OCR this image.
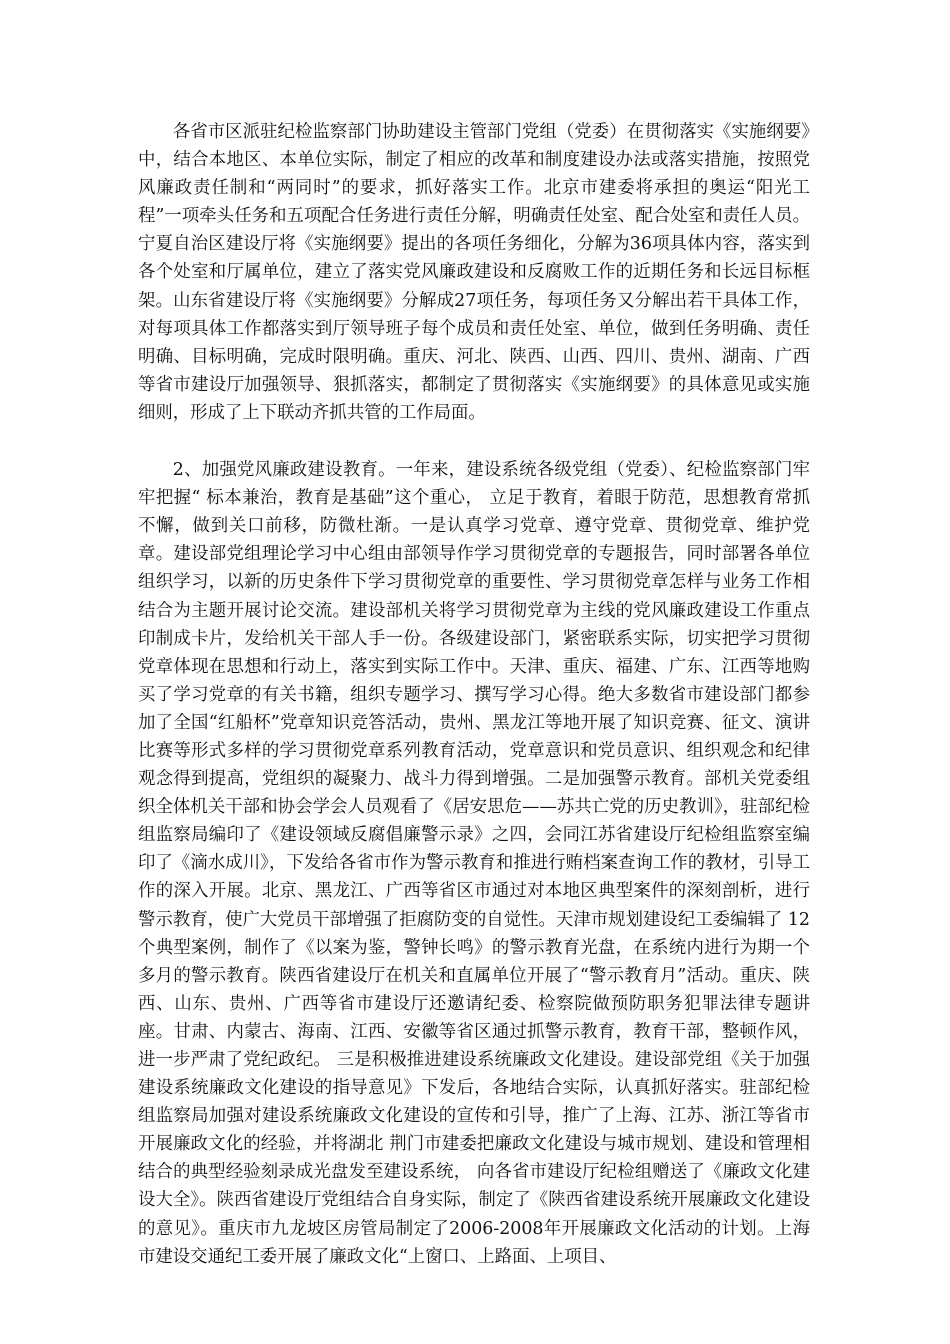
各省市区派驻纪检监察部门协助建设主管部门党组（党委）在贯彻落实《实施纲要》中，结合本地区、本单位实际，制定了相应的改革和制度建设办法或落实措施，按照党风廉政责任制和“两同时”的要求，抓好落实工作。北京市建委将承担的奥运“阳光工程”一项牵头任务和五项配合任务进行责任分解，明确责任处室、配合处室和责任人员。宁夏自治区建设厅将《实施纲要》提出的各项任务细化，分解为36项具体内容，落实到各个处室和厅属单位，建立了落实党风廉政建设和反腐败工作的近期任务和长远目标框架。山东省建设厅将《实施纲要》分解成27项任务，每项任务又分解出若干具体工作，对每项具体工作都落实到厅领导班子每个成员和责任处室、单位，做到任务明确、责任明确、目标明确，完成时限明确。重庆、河北、陕西、山西、四川、贵州、湖南、广西等省市建设厅加强领导、狠抓落实，都制定了贯彻落实《实施纲要》的具体意见或实施细则，形成了上下联动齐抓共管的工作局面。

2、加强党风廉政建设教育。一年来，建设系统各级党组（党委）、纪检监察部门牢牢把握“ 标本兼治，教育是基础”这个重心， 立足于教育，着眼于防范，思想教育常抓不懈，做到关口前移，防微杜渐。一是认真学习党章、遵守党章、贯彻党章、维护党章。建设部党组理论学习中心组由部领导作学习贯彻党章的专题报告，同时部署各单位组织学习，以新的历史条件下学习贯彻党章的重要性、学习贯彻党章怎样与业务工作相结合为主题开展讨论交流。建设部机关将学习贯彻党章为主线的党风廉政建设工作重点印制成卡片，发给机关干部人手一份。各级建设部门，紧密联系实际，切实把学习贯彻党章体现在思想和行动上，落实到实际工作中。天津、重庆、福建、广东、江西等地购买了学习党章的有关书籍，组织专题学习、撰写学习心得。绝大多数省市建设部门都参加了全国“红船杯”党章知识竞答活动，贵州、黑龙江等地开展了知识竞赛、征文、演讲比赛等形式多样的学习贯彻党章系列教育活动，党章意识和党员意识、组织观念和纪律观念得到提高，党组织的凝聚力、战斗力得到增强。二是加强警示教育。部机关党委组织全体机关干部和协会学会人员观看了《居安思危——苏共亡党的历史教训》，驻部纪检组监察局编印了《建设领域反腐倡廉警示录》之四，会同江苏省建设厅纪检组监察室编印了《滴水成川》，下发给各省市作为警示教育和推进行贿档案查询工作的教材，引导工作的深入开展。北京、黑龙江、广西等省区市通过对本地区典型案件的深刻剖析，进行警示教育，使广大党员干部增强了拒腐防变的自觉性。天津市规划建设纪工委编辑了 12个典型案例，制作了《以案为鉴，警钟长鸣》的警示教育光盘，在系统内进行为期一个多月的警示教育。陕西省建设厅在机关和直属单位开展了“警示教育月”活动。重庆、陕西、山东、贵州、广西等省市建设厅还邀请纪委、检察院做预防职务犯罪法律专题讲座。甘肃、内蒙古、海南、江西、安徽等省区通过抓警示教育，教育干部，整顿作风，进一步严肃了党纪政纪。 三是积极推进建设系统廉政文化建设。建设部党组《关于加强建设系统廉政文化建设的指导意见》下发后，各地结合实际，认真抓好落实。驻部纪检组监察局加强对建设系统廉政文化建设的宣传和引导，推广了上海、江苏、浙江等省市开展廉政文化的经验，并将湖北 荆门市建委把廉政文化建设与城市规划、建设和管理相结合的典型经验刻录成光盘发至建设系统， 向各省市建设厅纪检组赠送了《廉政文化建设大全》。陕西省建设厅党组结合自身实际，制定了《陕西省建设系统开展廉政文化建设的意见》。重庆市九龙坡区房管局制定了2006-2008年开展廉政文化活动的计划。上海市建设交通纪工委开展了廉政文化“上窗口、上路面、上项目、
